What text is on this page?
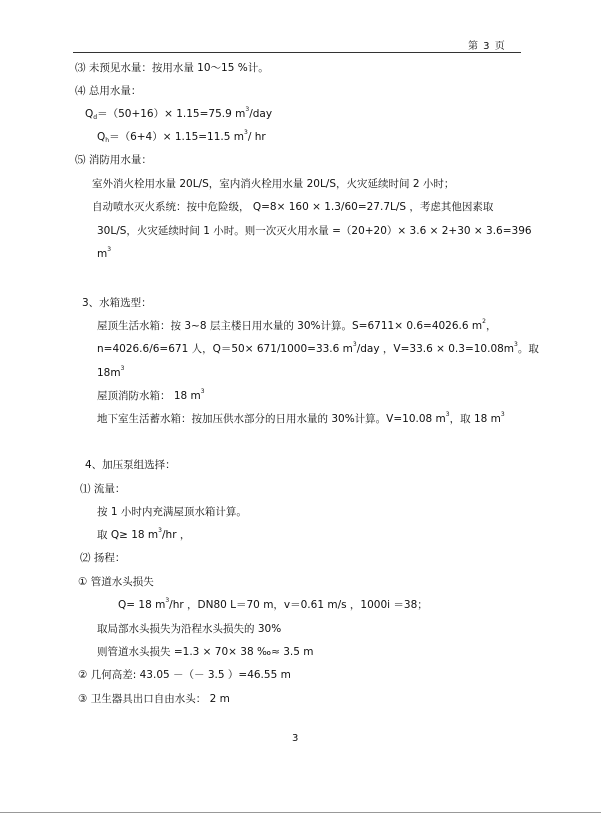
第 3 页
⑶ 未预见水量：按用水量 10～15 %计。
⑷ 总用水量：
$Q_d=(50+16)\times 1.15=75.9$ $m^3$/day
$Q_h=(6+4)\times 1.15=11.5$ $m^3/$ hr
⑸ 消防用水量：
室外消火栓用水量 20L/S，室内消火栓用水量 20L/S，火灾延续时间 2 小时；
自动喷水灭火系统：按中危险级， Q=8× 160 × 1.3/60=27.7L/S ，考虑其他因素取
30L/S，火灾延续时间 1 小时。则一次灭火用水量 =（20+20）× 3.6 × 2+30 × 3.6=396
$m^3$
3、水箱选型：
屋顶生活水箱：按 3~8 层主楼日用水量的 30%计算。S=6711× 0.6=4026.6 $m^2$，
n=4026.6/6=671 人，Q＝50× 671/1000=33.6 $m^3$/day ，$V=33.6 \times 0.3=10.08m^3$。取
$18m^3$
屋顶消防水箱： 18 $m^3$
地下室生活蓄水箱：按加压供水部分的日用水量的 30%计算。V=10.08 $m^3$，取 18 $m^3$
4、加压泵组选择：
⑴ 流量：
按 1 小时内充满屋顶水箱计算。
取 Q≥ 18 $m^3/hr$ ，
⑵ 扬程：
① 管道水头损失
Q= 18 $m^3/hr$ ，DN80 L＝70 m，v＝0.61 m/s ，1000i ＝38；
取局部水头损失为沿程水头损失的 30%
则管道水头损失 =1.3 × 70× 38 ‰≈ 3.5 m
② 几何高差: 43.05 －（－ 3.5 ）=46.55 m
③ 卫生器具出口自由水头： 2 m
3
